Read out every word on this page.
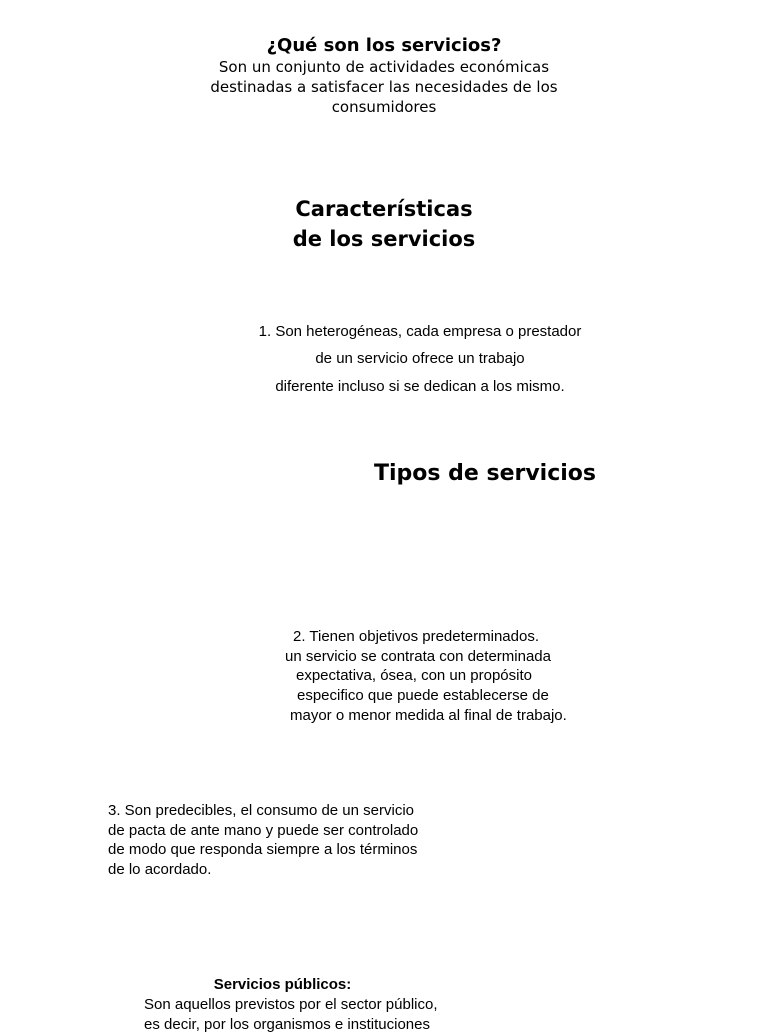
¿Qué son los servicios?
Son un conjunto de actividades económicas
destinadas a satisfacer las necesidades de los
consumidores
Características
de los servicios
1. Son heterogéneas, cada empresa o prestador
de un servicio ofrece un trabajo
diferente incluso si se dedican a los mismo.
Tipos de servicios
2. Tienen objetivos predeterminados.
un servicio se contrata con determinada
expectativa, ósea, con un propósito
especifico que puede establecerse de
mayor o menor medida al final de trabajo.
3. Son predecibles, el consumo de un servicio
de pacta de ante mano y puede ser controlado
de modo que responda siempre a los términos
de lo acordado.
Servicios públicos:
Son aquellos previstos por el sector público,
es decir, por los organismos e instituciones
